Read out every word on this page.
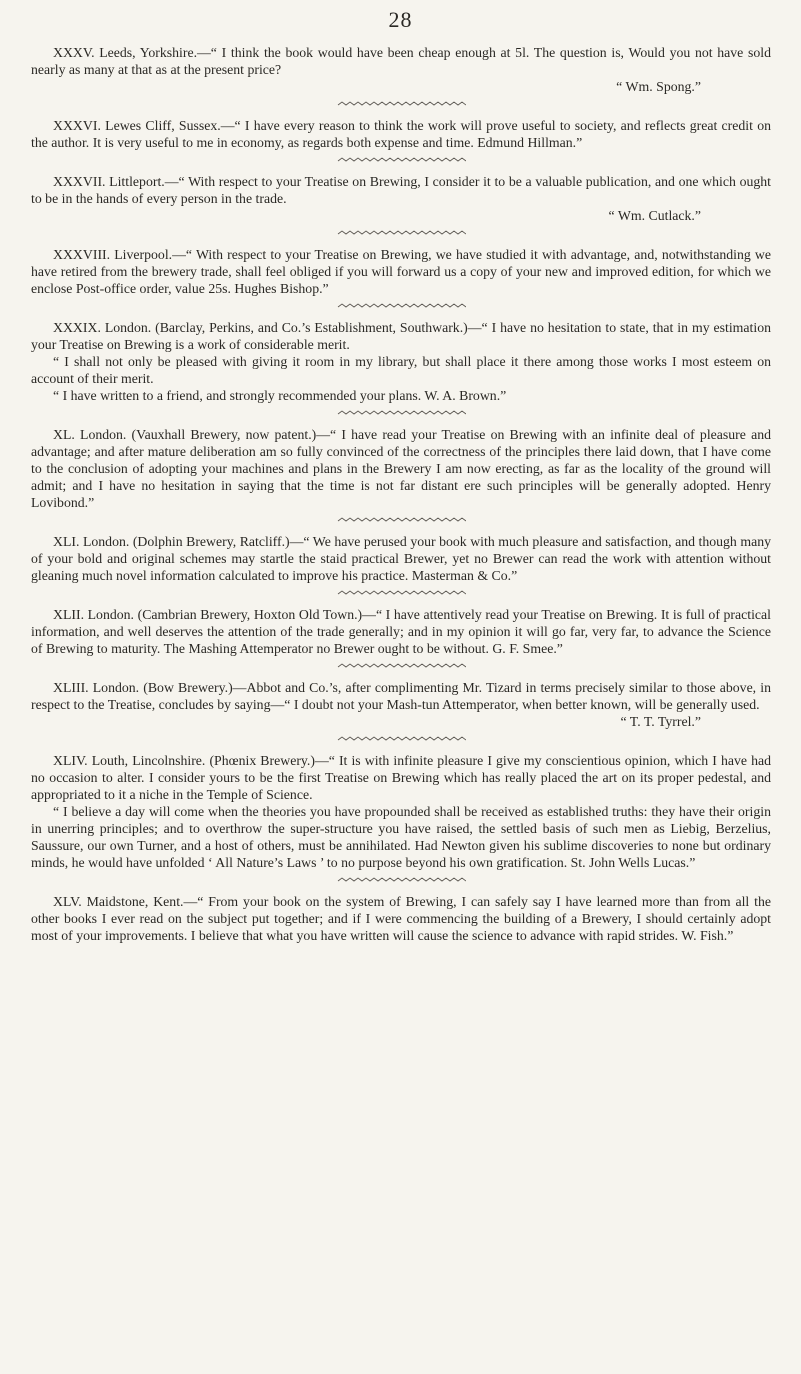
28

XXXV. Leeds, Yorkshire.—“ I think the book would have been cheap enough at 5l. The question is, Would you not have sold nearly as many at that as at the present price?

“ Wm. Spong.”

XXXVI. Lewes Cliff, Sussex.—“ I have every reason to think the work will prove useful to society, and reflects great credit on the author. It is very useful to me in economy, as regards both expense and time. Edmund Hillman.”

XXXVII. Littleport.—“ With respect to your Treatise on Brewing, I consider it to be a valuable publication, and one which ought to be in the hands of every person in the trade.

“ Wm. Cutlack.”

XXXVIII. Liverpool.—“ With respect to your Treatise on Brewing, we have studied it with advantage, and, notwithstanding we have retired from the brewery trade, shall feel obliged if you will forward us a copy of your new and improved edition, for which we enclose Post-office order, value 25s. Hughes Bishop.”

XXXIX. London. (Barclay, Perkins, and Co.’s Establishment, Southwark.)—“ I have no hesitation to state, that in my estimation your Treatise on Brewing is a work of considerable merit.

“ I shall not only be pleased with giving it room in my library, but shall place it there among those works I most esteem on account of their merit.

“ I have written to a friend, and strongly recommended your plans. W. A. Brown.”

XL. London. (Vauxhall Brewery, now patent.)—“ I have read your Treatise on Brewing with an infinite deal of pleasure and advantage; and after mature deliberation am so fully convinced of the correctness of the principles there laid down, that I have come to the conclusion of adopting your machines and plans in the Brewery I am now erecting, as far as the locality of the ground will admit; and I have no hesitation in saying that the time is not far distant ere such principles will be generally adopted. Henry Lovibond.”

XLI. London. (Dolphin Brewery, Ratcliff.)—“ We have perused your book with much pleasure and satisfaction, and though many of your bold and original schemes may startle the staid practical Brewer, yet no Brewer can read the work with attention without gleaning much novel information calculated to improve his practice. Masterman & Co.”

XLII. London. (Cambrian Brewery, Hoxton Old Town.)—“ I have attentively read your Treatise on Brewing. It is full of practical information, and well deserves the attention of the trade generally; and in my opinion it will go far, very far, to advance the Science of Brewing to maturity. The Mashing Attemperator no Brewer ought to be without. G. F. Smee.”

XLIII. London. (Bow Brewery.)—Abbot and Co.’s, after complimenting Mr. Tizard in terms precisely similar to those above, in respect to the Treatise, concludes by saying—“ I doubt not your Mash-tun Attemperator, when better known, will be generally used.

“ T. T. Tyrrel.”

XLIV. Louth, Lincolnshire. (Phœnix Brewery.)—“ It is with infinite pleasure I give my conscientious opinion, which I have had no occasion to alter. I consider yours to be the first Treatise on Brewing which has really placed the art on its proper pedestal, and appropriated to it a niche in the Temple of Science.

“ I believe a day will come when the theories you have propounded shall be received as established truths: they have their origin in unerring principles; and to overthrow the super-structure you have raised, the settled basis of such men as Liebig, Berzelius, Saussure, our own Turner, and a host of others, must be annihilated. Had Newton given his sublime discoveries to none but ordinary minds, he would have unfolded ‘ All Nature’s Laws ’ to no purpose beyond his own gratification. St. John Wells Lucas.”

XLV. Maidstone, Kent.—“ From your book on the system of Brewing, I can safely say I have learned more than from all the other books I ever read on the subject put together; and if I were commencing the building of a Brewery, I should certainly adopt most of your improvements. I believe that what you have written will cause the science to advance with rapid strides. W. Fish.”
